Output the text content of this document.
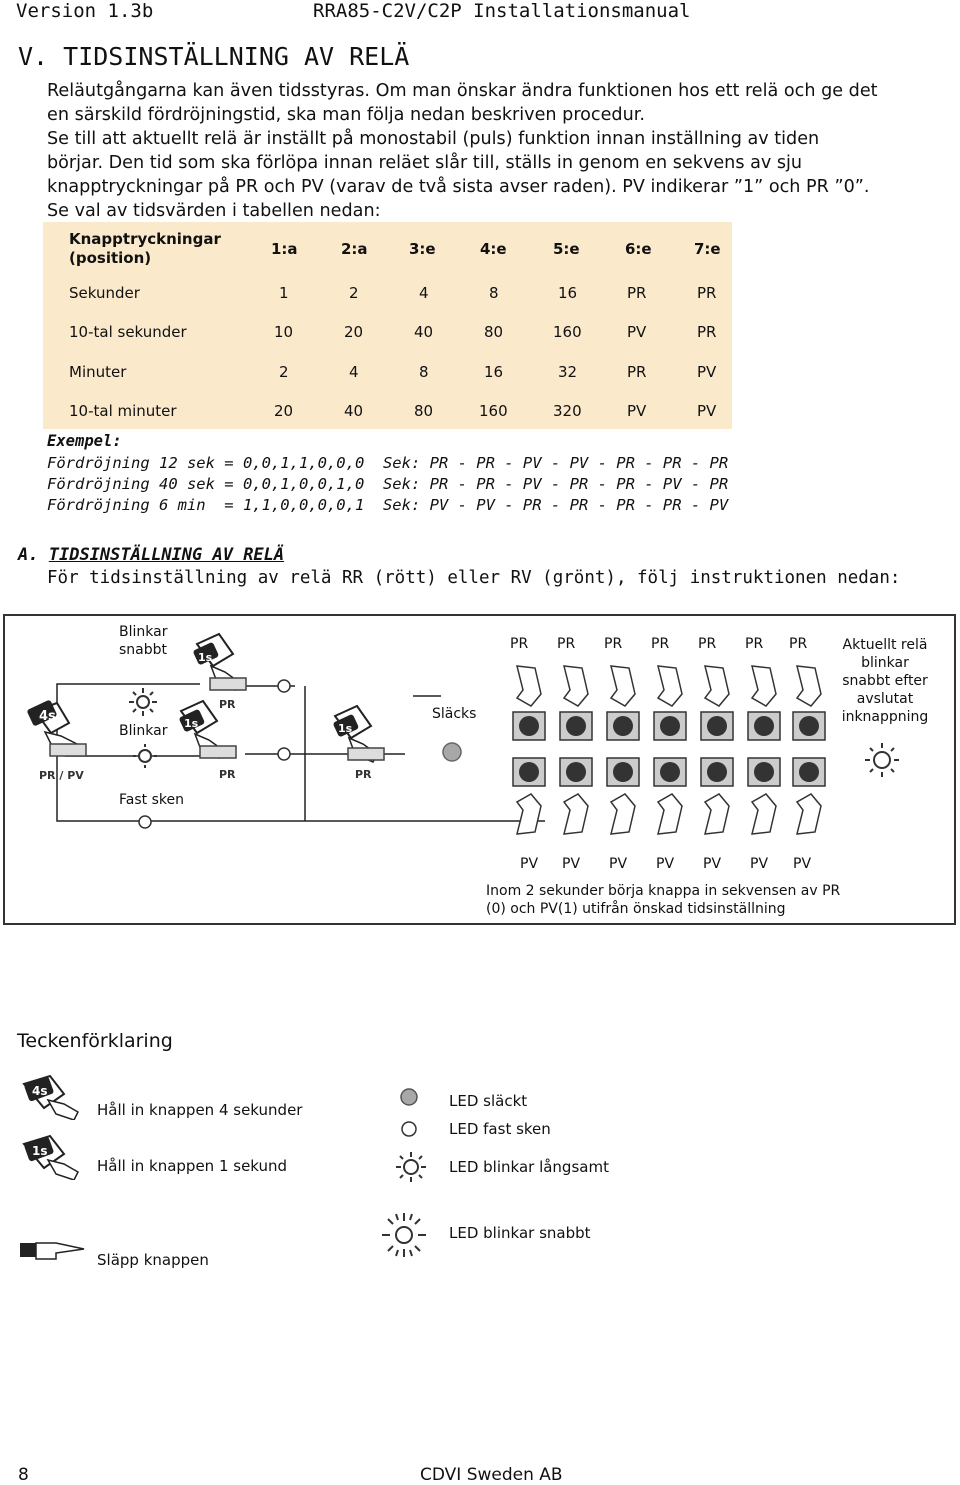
Version 1.3b	RRA85-C2V/C2P Installationsmanual
V. TIDSINSTÄLLNING AV RELÄ
Reläutgångarna kan även tidsstyras. Om man önskar ändra funktionen hos ett relä och ge det
en särskild fördröjningstid, ska man följa nedan beskriven procedur.
Se till att aktuellt relä är inställt på monostabil (puls) funktion innan inställning av tiden
börjar. Den tid som ska förlöpa innan reläet slår till, ställs in genom en sekvens av sju
knapptryckningar på PR och PV (varav de två sista avser raden). PV indikerar ”1” och PR ”0”.
Se val av tidsvärden i tabellen nedan:
Knapptryckningar
(position)	1:a	2:a	3:e	4:e	5:e	6:e	7:e
Sekunder	1	2	4	8	16	PR	PR
10-tal sekunder	10	20	40	80	160	PV	PR
Minuter	2	4	8	16	32	PR	PV
10-tal minuter	20	40	80	160	320	PV	PV
Exempel:
Fördröjning 12 sek = 0,0,1,1,0,0,0  Sek: PR - PR - PV - PV - PR - PR - PR
Fördröjning 40 sek = 0,0,1,0,0,1,0  Sek: PR - PR - PV - PR - PR - PV - PR
Fördröjning 6 min  = 1,1,0,0,0,0,1  Sek: PV - PV - PR - PR - PR - PR - PV
A. TIDSINSTÄLLNING AV RELÄ
För tidsinställning av relä RR (rött) eller RV (grönt), följ instruktionen nedan:
4s
PR / PV
1s
1s
PR
PR
1s
PR
Blinkar
snabbt
Blinkar
Fast sken
Släcks
PR PR PR PR PR PR PR
PV PV PV PV PV PV PV
Aktuellt relä
blinkar
snabbt efter
avslutat
inknappning
Inom 2 sekunder börja knappa in sekvensen av PR
(0) och PV(1) utifrån önskad tidsinställning
Teckenförklaring
4s
Håll in knappen 4 sekunder
1s
Håll in knappen 1 sekund
Släpp knappen
LED släckt
LED fast sken
LED blinkar långsamt
LED blinkar snabbt
8	CDVI Sweden AB
